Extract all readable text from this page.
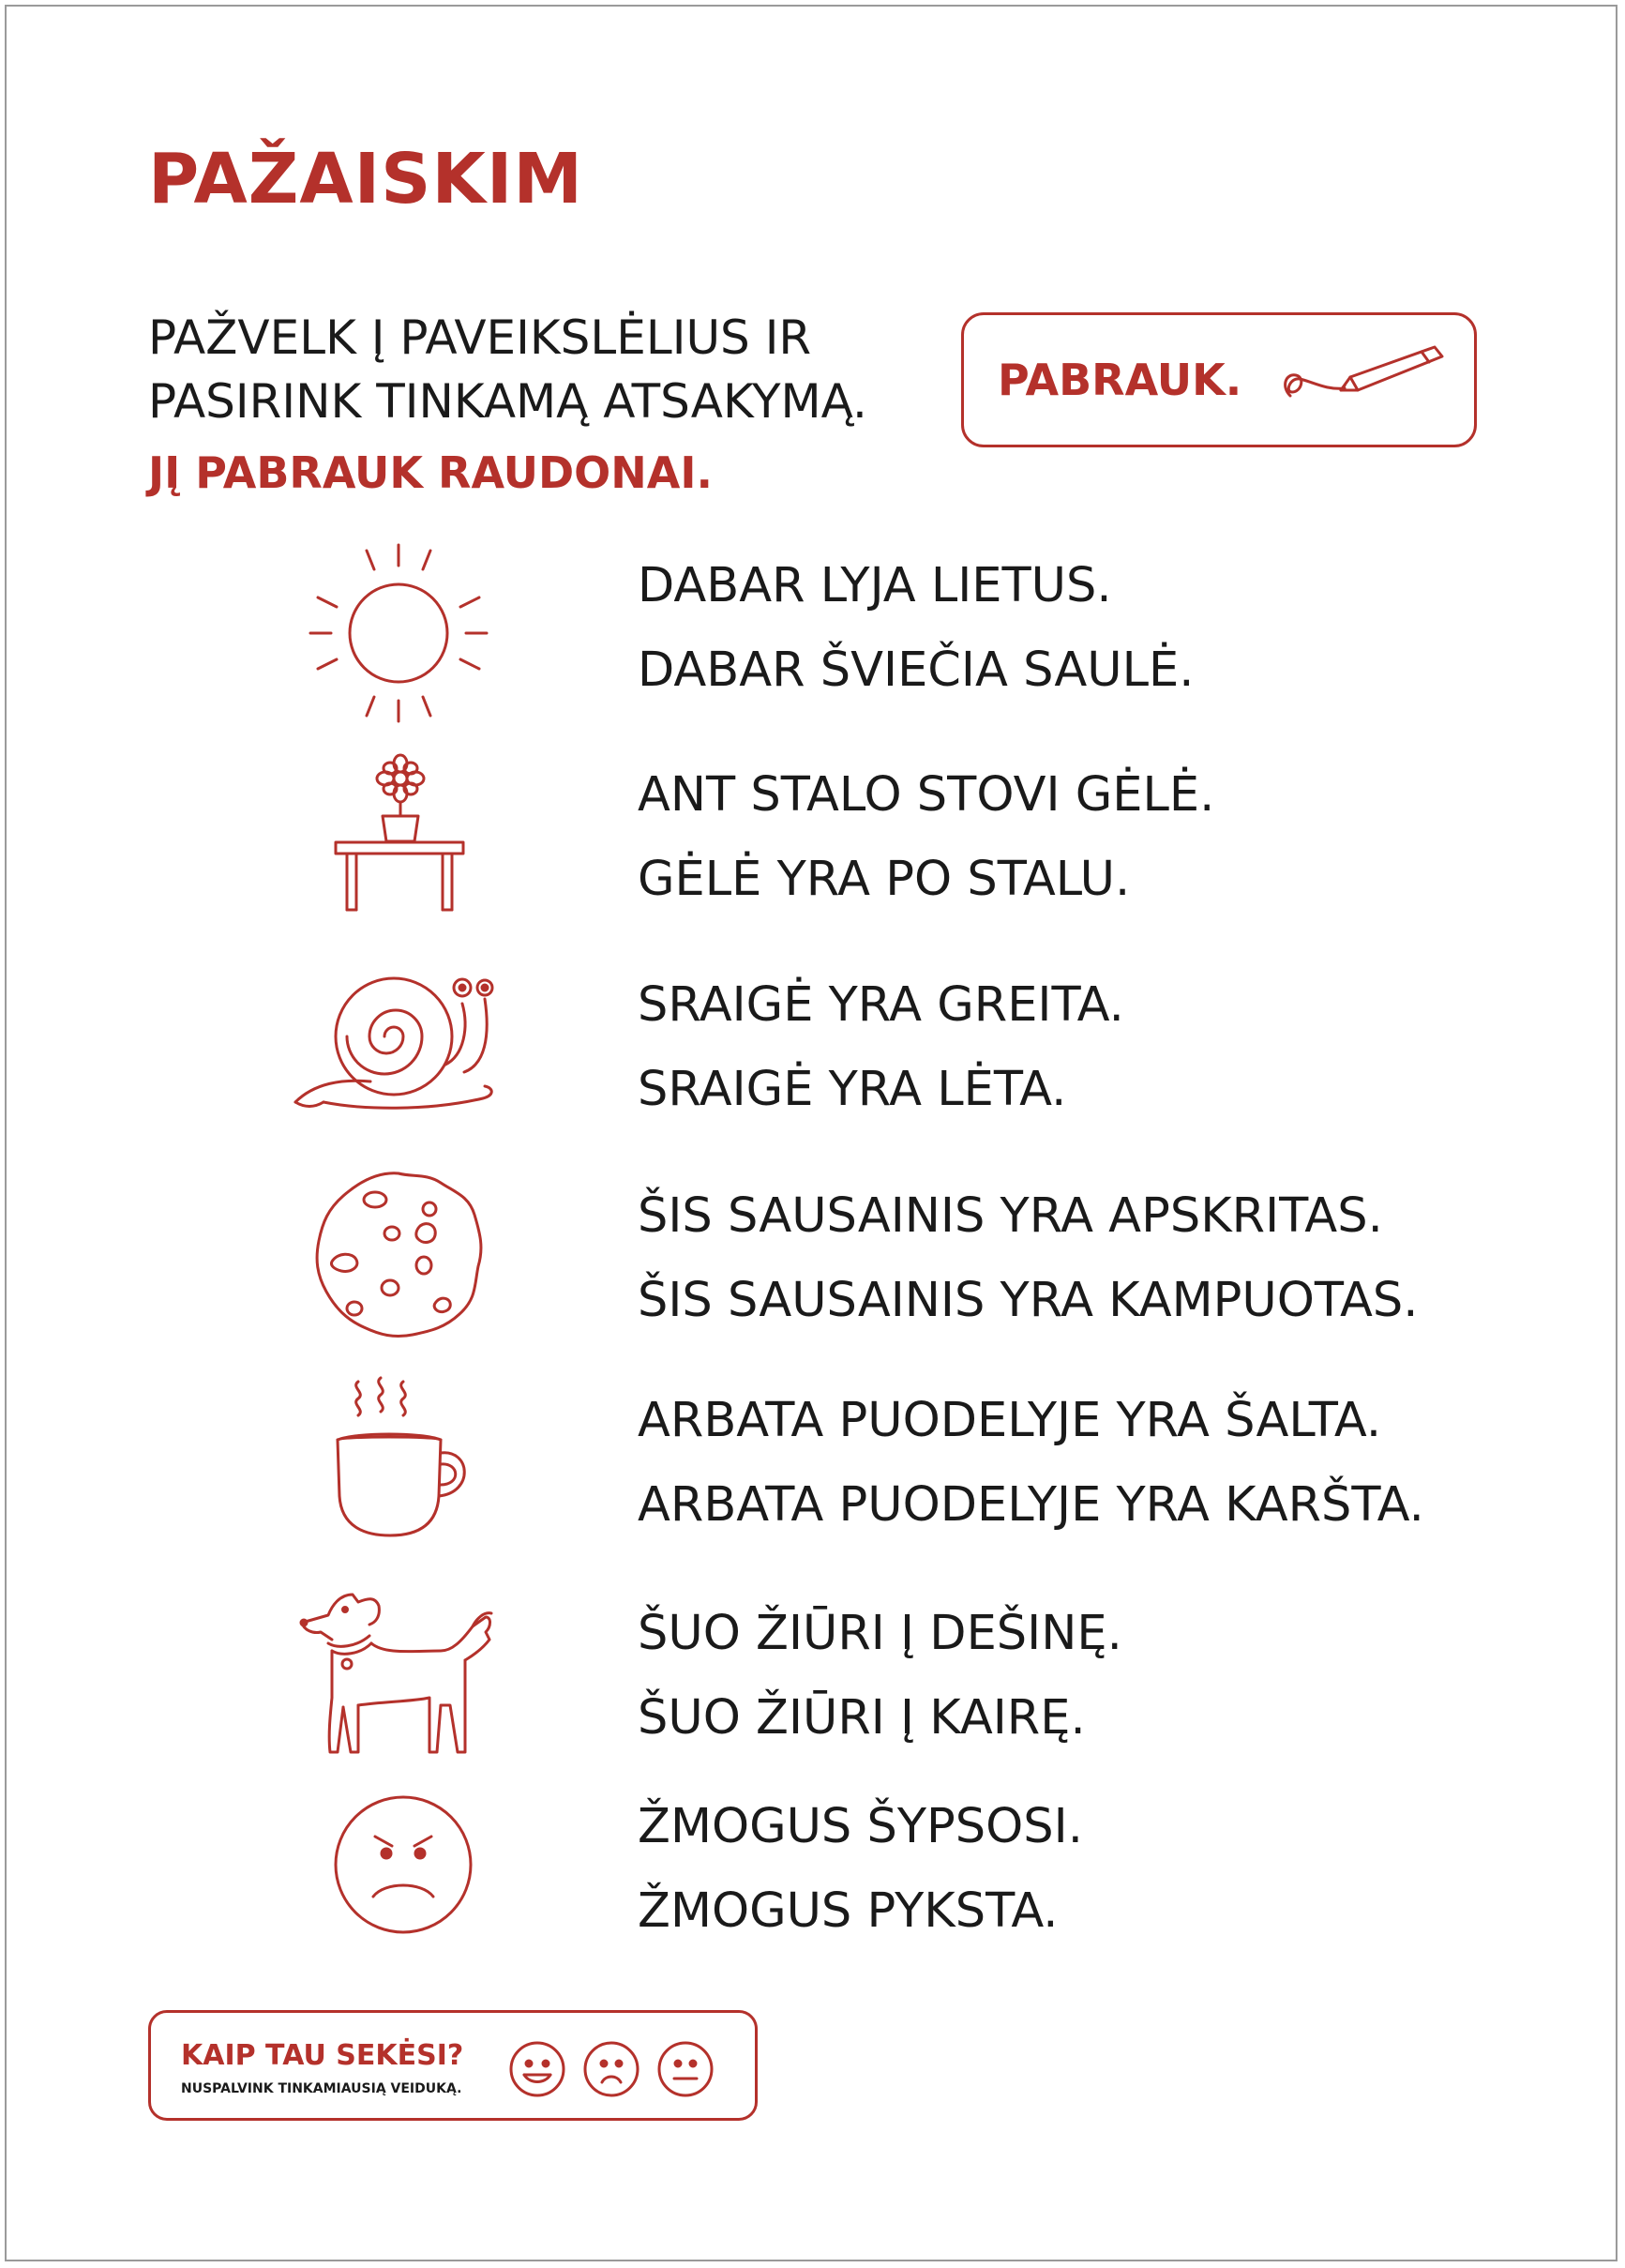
PAŽAISKIM
PAŽVELK Į PAVEIKSLĖLIUS IR
PASIRINK TINKAMĄ ATSAKYMĄ.
JĮ PABRAUK RAUDONAI.
PABRAUK.
DABAR LYJA LIETUS.
DABAR ŠVIEČIA SAULĖ.
ANT STALO STOVI GĖLĖ.
GĖLĖ YRA PO STALU.
SRAIGĖ YRA GREITA.
SRAIGĖ YRA LĖTA.
ŠIS SAUSAINIS YRA APSKRITAS.
ŠIS SAUSAINIS YRA KAMPUOTAS.
ARBATA PUODELYJE YRA ŠALTA.
ARBATA PUODELYJE YRA KARŠTA.
ŠUO ŽIŪRI Į DEŠINĘ.
ŠUO ŽIŪRI Į KAIRĘ.
ŽMOGUS ŠYPSOSI.
ŽMOGUS PYKSTA.
KAIP TAU SEKĖSI?
NUSPALVINK TINKAMIAUSIĄ VEIDUKĄ.
